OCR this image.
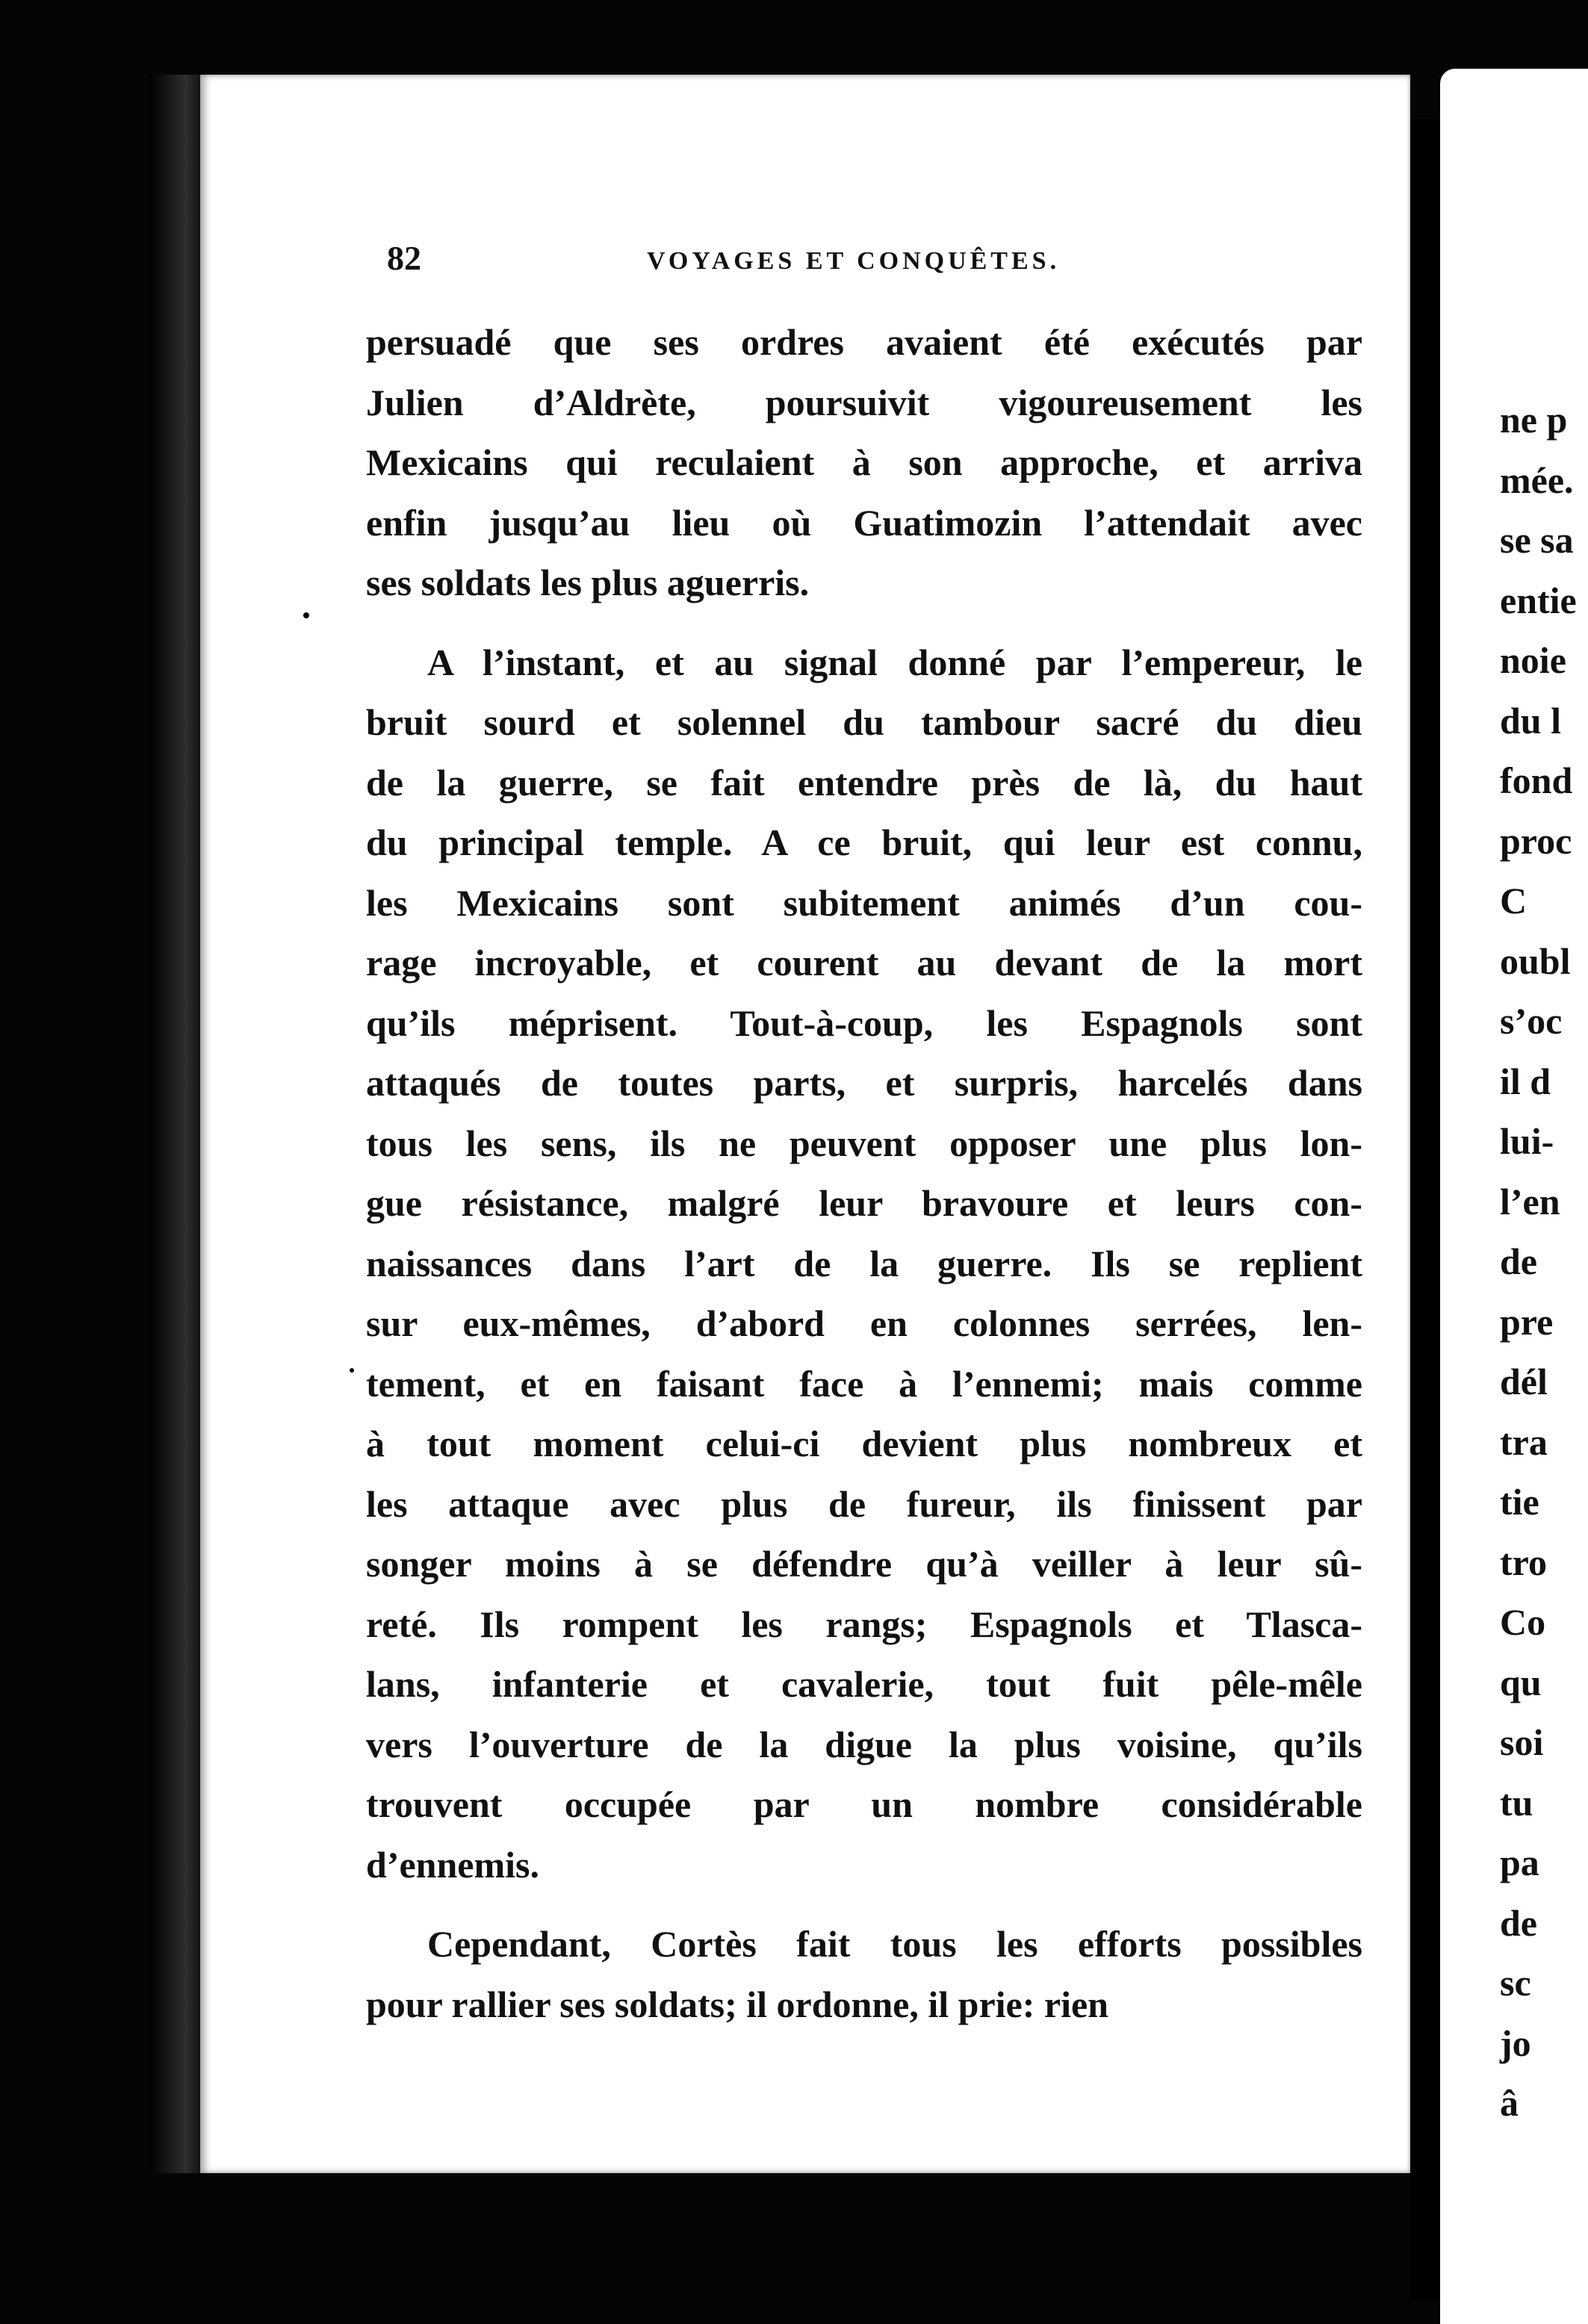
ne p
mée.
se sa
entie
noie
du l
fond
proc
C
oubl
s’oc
il d
lui-
l’en
de
pre
dél
tra
tie
tro
Co
qu
soi
tu
pa
de
sc
jo
â
82	VOYAGES ET CONQUÊTES.
persuadé que ses ordres avaient été exécutés par
Julien d’Aldrète, poursuivit vigoureusement les
Mexicains qui reculaient à son approche, et arriva
enfin jusqu’au lieu où Guatimozin l’attendait avec
ses soldats les plus aguerris.
A l’instant, et au signal donné par l’empereur, le
bruit sourd et solennel du tambour sacré du dieu
de la guerre, se fait entendre près de là, du haut
du principal temple. A ce bruit, qui leur est connu,
les Mexicains sont subitement animés d’un cou-
rage incroyable, et courent au devant de la mort
qu’ils méprisent. Tout-à-coup, les Espagnols sont
attaqués de toutes parts, et surpris, harcelés dans
tous les sens, ils ne peuvent opposer une plus lon-
gue résistance, malgré leur bravoure et leurs con-
naissances dans l’art de la guerre. Ils se replient
sur eux-mêmes, d’abord en colonnes serrées, len-
tement, et en faisant face à l’ennemi; mais comme
à tout moment celui-ci devient plus nombreux et
les attaque avec plus de fureur, ils finissent par
songer moins à se défendre qu’à veiller à leur sû-
reté. Ils rompent les rangs; Espagnols et Tlasca-
lans, infanterie et cavalerie, tout fuit pêle-mêle
vers l’ouverture de la digue la plus voisine, qu’ils
trouvent occupée par un nombre considérable
d’ennemis.
Cependant, Cortès fait tous les efforts possibles
pour rallier ses soldats; il ordonne, il prie: rien
